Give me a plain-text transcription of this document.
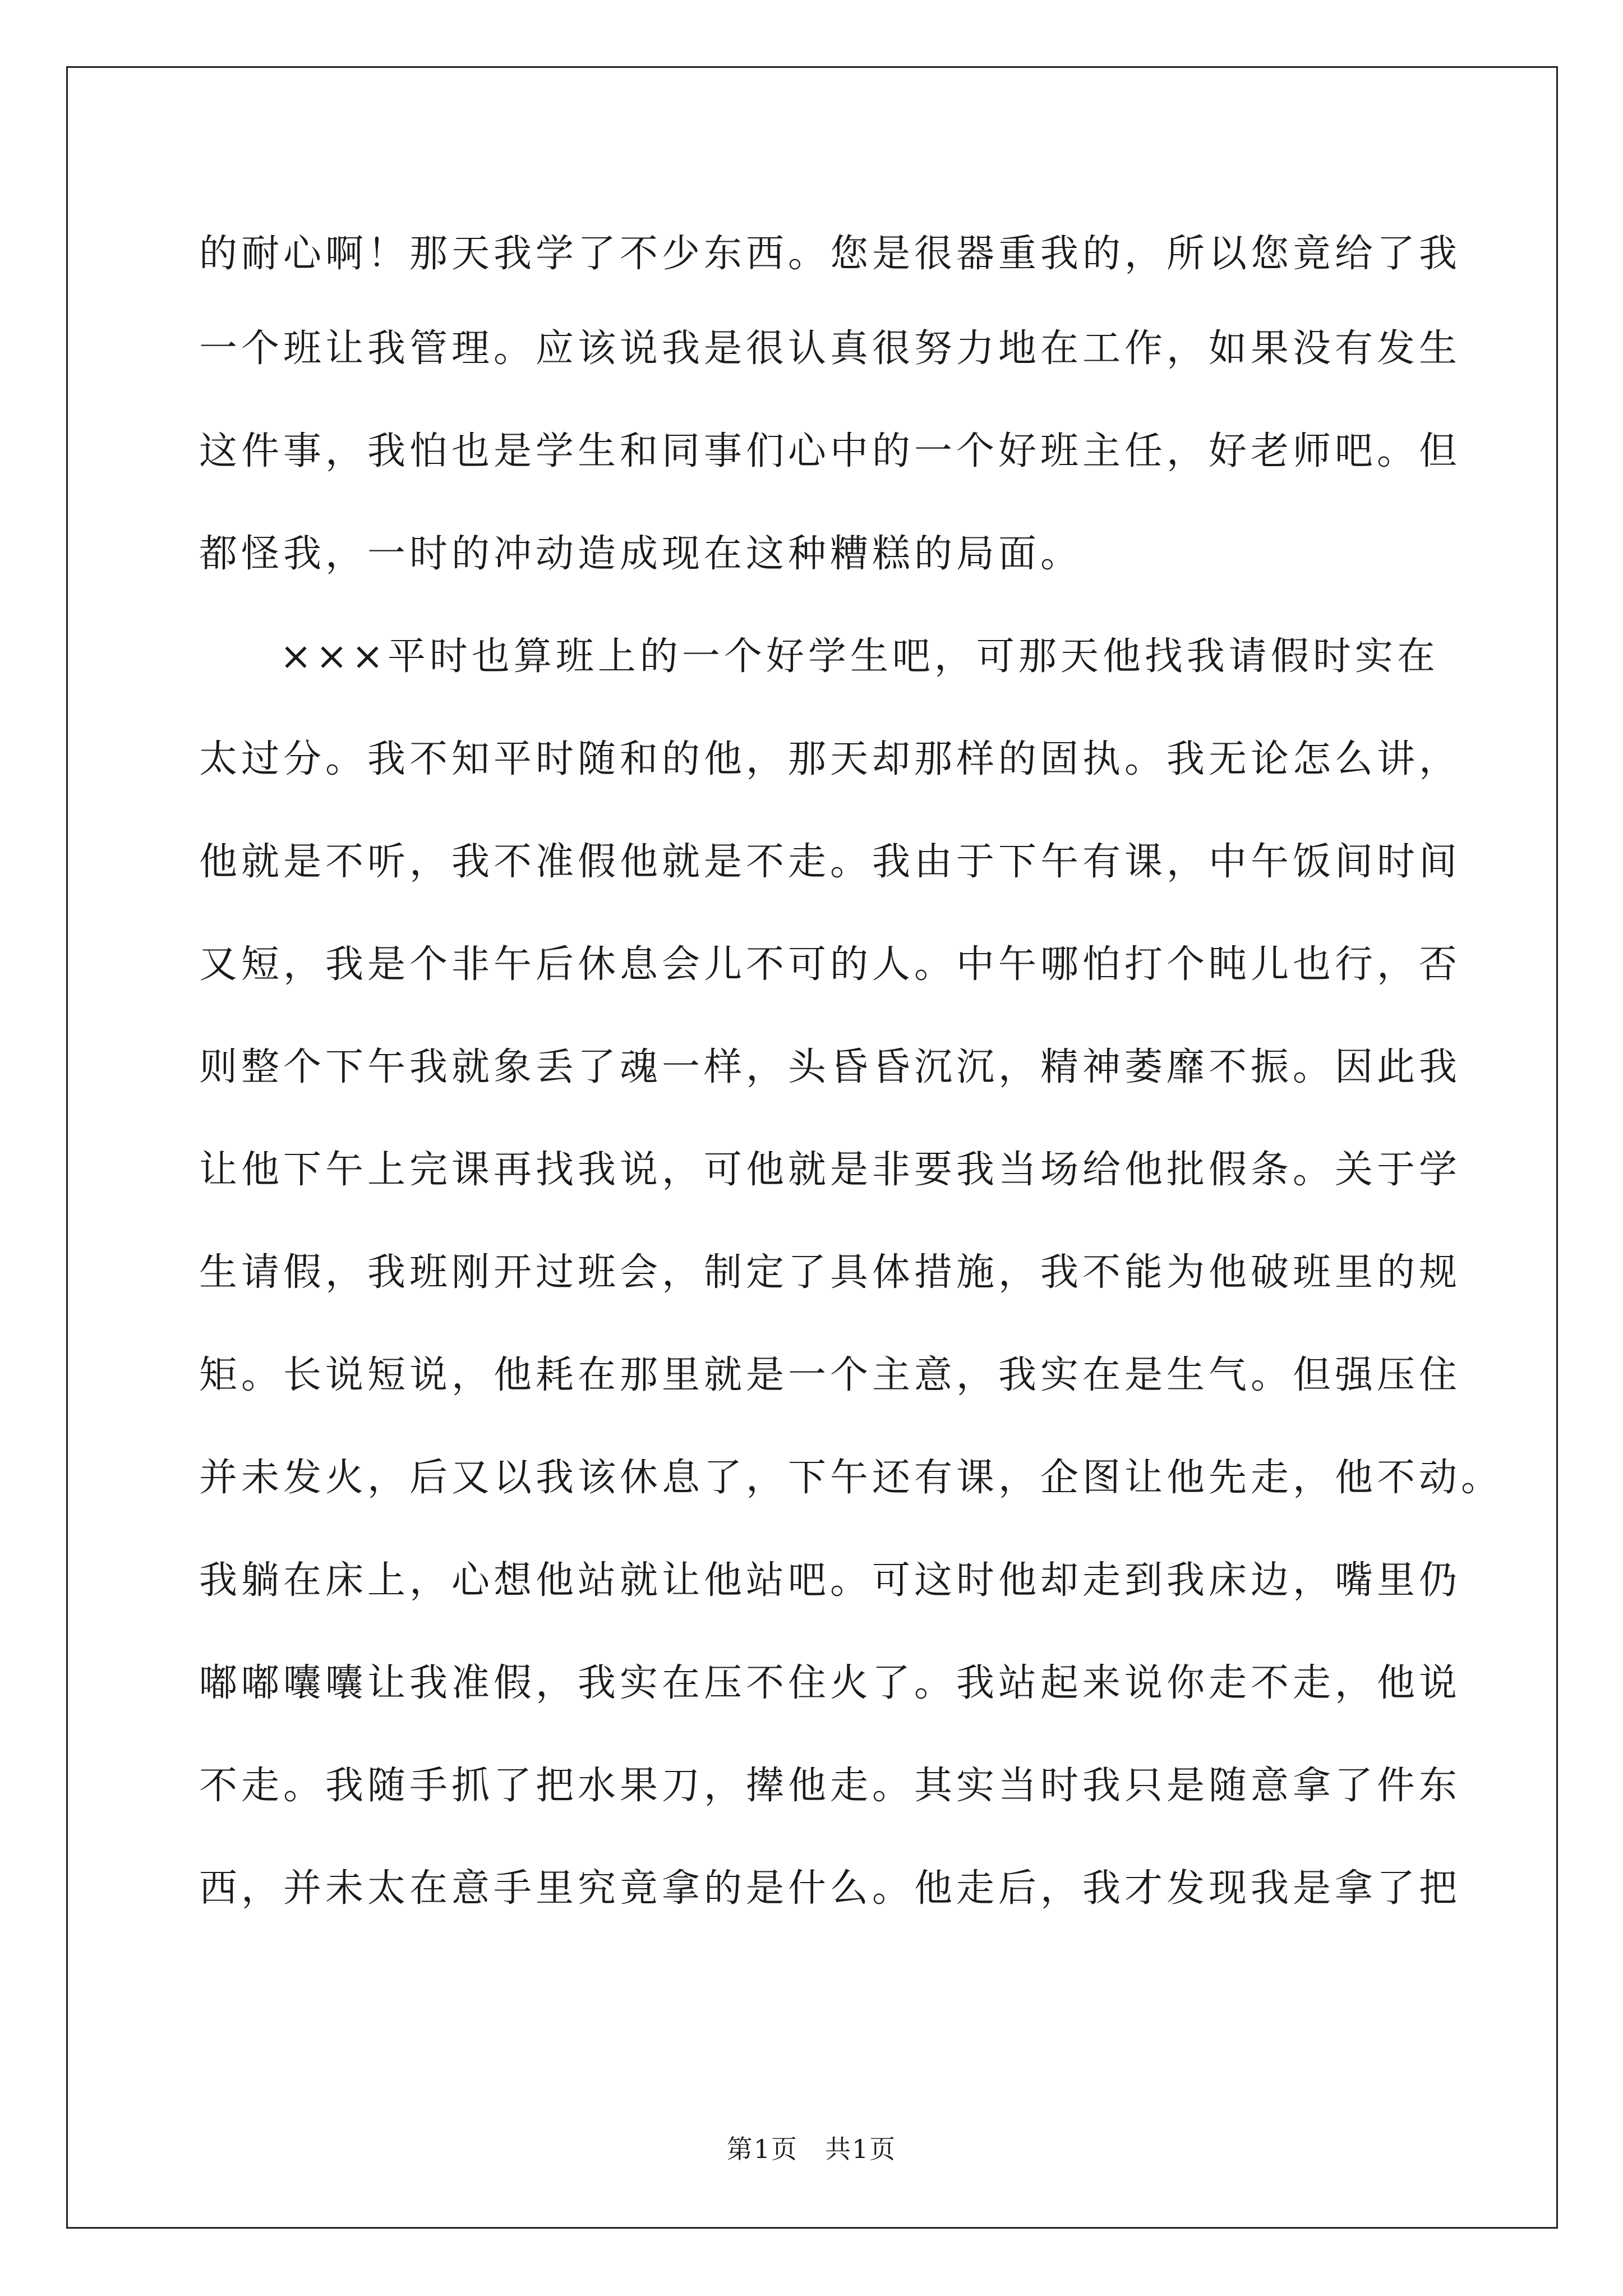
的耐心啊！那天我学了不少东西。您是很器重我的，所以您竟给了我
一个班让我管理。应该说我是很认真很努力地在工作，如果没有发生
这件事，我怕也是学生和同事们心中的一个好班主任，好老师吧。但
都怪我，一时的冲动造成现在这种糟糕的局面。
×××平时也算班上的一个好学生吧，可那天他找我请假时实在
太过分。我不知平时随和的他，那天却那样的固执。我无论怎么讲，
他就是不听，我不准假他就是不走。我由于下午有课，中午饭间时间
又短，我是个非午后休息会儿不可的人。中午哪怕打个盹儿也行，否
则整个下午我就象丢了魂一样，头昏昏沉沉，精神萎靡不振。因此我
让他下午上完课再找我说，可他就是非要我当场给他批假条。关于学
生请假，我班刚开过班会，制定了具体措施，我不能为他破班里的规
矩。长说短说，他耗在那里就是一个主意，我实在是生气。但强压住
并未发火，后又以我该休息了，下午还有课，企图让他先走，他不动。
我躺在床上，心想他站就让他站吧。可这时他却走到我床边，嘴里仍
嘟嘟囔囔让我准假，我实在压不住火了。我站起来说你走不走，他说
不走。我随手抓了把水果刀，撵他走。其实当时我只是随意拿了件东
西，并未太在意手里究竟拿的是什么。他走后，我才发现我是拿了把
第1页 共1页
